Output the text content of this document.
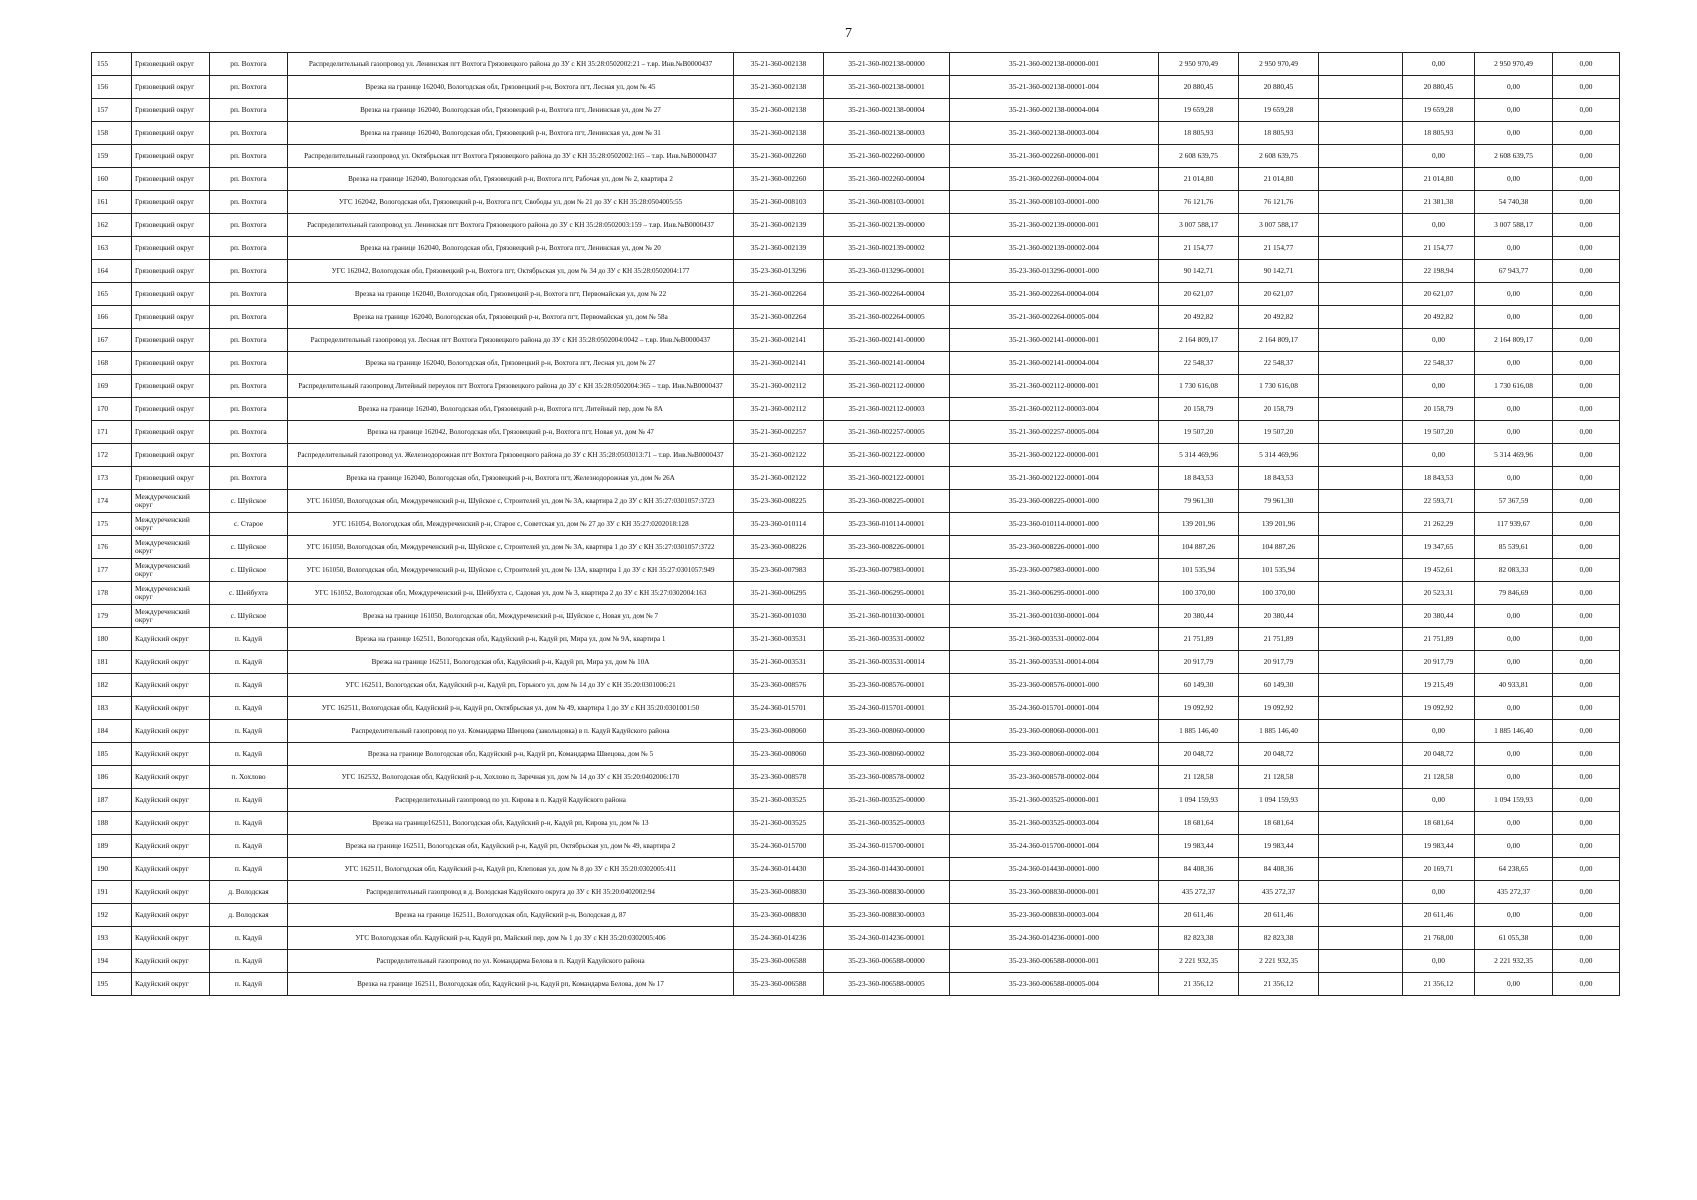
7
155	Грязовецкий округ	рп. Вохтога	Распределительный газопровод ул. Ленинская пгт Вохтога Грязовецкого района до ЗУ с КН 35:28:0502002:21 – т.вр. Инв.№В0000437	35-21-360-002138	35-21-360-002138-00000	35-21-360-002138-00000-001	2 950 970,49	2 950 970,49		0,00	2 950 970,49	0,00
156	Грязовецкий округ	рп. Вохтога	Врезка на границе 162040, Вологодская обл, Грязовецкий р-н, Вохтога пгт, Лесная ул, дом № 45	35-21-360-002138	35-21-360-002138-00001	35-21-360-002138-00001-004	20 880,45	20 880,45		20 880,45	0,00	0,00
157	Грязовецкий округ	рп. Вохтога	Врезка на границе 162040, Вологодская обл, Грязовецкий р-н, Вохтога пгт, Ленинская ул, дом № 27	35-21-360-002138	35-21-360-002138-00004	35-21-360-002138-00004-004	19 659,28	19 659,28		19 659,28	0,00	0,00
158	Грязовецкий округ	рп. Вохтога	Врезка на границе 162040, Вологодская обл, Грязовецкий р-н, Вохтога пгт, Ленинская ул, дом № 31	35-21-360-002138	35-21-360-002138-00003	35-21-360-002138-00003-004	18 805,93	18 805,93		18 805,93	0,00	0,00
159	Грязовецкий округ	рп. Вохтога	Распределительный газопровод ул. Октябрьская пгт Вохтога Грязовецкого района до ЗУ с КН 35:28:0502002:165 – т.вр. Инв.№В0000437	35-21-360-002260	35-21-360-002260-00000	35-21-360-002260-00000-001	2 608 639,75	2 608 639,75		0,00	2 608 639,75	0,00
160	Грязовецкий округ	рп. Вохтога	Врезка на границе 162040, Вологодская обл, Грязовецкий р-н, Вохтога пгт, Рабочая ул, дом № 2, квартира 2	35-21-360-002260	35-21-360-002260-00004	35-21-360-002260-00004-004	21 014,80	21 014,80		21 014,80	0,00	0,00
161	Грязовецкий округ	рп. Вохтога	УГС 162042, Вологодская обл, Грязовецкий р-н, Вохтога пгт, Свободы ул, дом № 21 до ЗУ с КН 35:28:0504005:55	35-21-360-008103	35-21-360-008103-00001	35-21-360-008103-00001-000	76 121,76	76 121,76		21 381,38	54 740,38	0,00
162	Грязовецкий округ	рп. Вохтога	Распределительный газопровод ул. Ленинская пгт Вохтога Грязовецкого района до ЗУ с КН 35:28:0502003:159 – т.вр. Инв.№В0000437	35-21-360-002139	35-21-360-002139-00000	35-21-360-002139-00000-001	3 007 588,17	3 007 588,17		0,00	3 007 588,17	0,00
163	Грязовецкий округ	рп. Вохтога	Врезка на границе 162040, Вологодская обл, Грязовецкий р-н, Вохтога пгт, Ленинская ул, дом № 20	35-21-360-002139	35-21-360-002139-00002	35-21-360-002139-00002-004	21 154,77	21 154,77		21 154,77	0,00	0,00
164	Грязовецкий округ	рп. Вохтога	УГС 162042, Вологодская обл, Грязовецкий р-н, Вохтога пгт, Октябрьская ул, дом № 34 до ЗУ с КН 35:28:0502004:177	35-23-360-013296	35-23-360-013296-00001	35-23-360-013296-00001-000	90 142,71	90 142,71		22 198,94	67 943,77	0,00
165	Грязовецкий округ	рп. Вохтога	Врезка на границе 162040, Вологодская обл, Грязовецкий р-н, Вохтога пгт, Первомайская ул, дом № 22	35-21-360-002264	35-21-360-002264-00004	35-21-360-002264-00004-004	20 621,07	20 621,07		20 621,07	0,00	0,00
166	Грязовецкий округ	рп. Вохтога	Врезка на границе 162040, Вологодская обл, Грязовецкий р-н, Вохтога пгт, Первомайская ул, дом № 58а	35-21-360-002264	35-21-360-002264-00005	35-21-360-002264-00005-004	20 492,82	20 492,82		20 492,82	0,00	0,00
167	Грязовецкий округ	рп. Вохтога	Распределительный газопровод ул. Лесная пгт Вохтога Грязовецкого района до ЗУ с КН 35:28:0502004:0042 – т.вр. Инв.№В0000437	35-21-360-002141	35-21-360-002141-00000	35-21-360-002141-00000-001	2 164 809,17	2 164 809,17		0,00	2 164 809,17	0,00
168	Грязовецкий округ	рп. Вохтога	Врезка на границе 162040, Вологодская обл, Грязовецкий р-н, Вохтога пгт, Лесная ул, дом № 27	35-21-360-002141	35-21-360-002141-00004	35-21-360-002141-00004-004	22 548,37	22 548,37		22 548,37	0,00	0,00
169	Грязовецкий округ	рп. Вохтога	Распределительный газопровод Литейный переулок пгт Вохтога Грязовецкого района до ЗУ с КН 35:28:0502004:365 – т.вр. Инв.№В0000437	35-21-360-002112	35-21-360-002112-00000	35-21-360-002112-00000-001	1 730 616,08	1 730 616,08		0,00	1 730 616,08	0,00
170	Грязовецкий округ	рп. Вохтога	Врезка на границе 162040, Вологодская обл, Грязовецкий р-н, Вохтога пгт, Литейный пер, дом № 8А	35-21-360-002112	35-21-360-002112-00003	35-21-360-002112-00003-004	20 158,79	20 158,79		20 158,79	0,00	0,00
171	Грязовецкий округ	рп. Вохтога	Врезка на границе 162042, Вологодская обл, Грязовецкий р-н, Вохтога пгт, Новая ул, дом № 47	35-21-360-002257	35-21-360-002257-00005	35-21-360-002257-00005-004	19 507,20	19 507,20		19 507,20	0,00	0,00
172	Грязовецкий округ	рп. Вохтога	Распределительный газопровод ул. Железнодорожная пгт Вохтога Грязовецкого района до ЗУ с КН 35:28:0503013:71 – т.вр. Инв.№В0000437	35-21-360-002122	35-21-360-002122-00000	35-21-360-002122-00000-001	5 314 469,96	5 314 469,96		0,00	5 314 469,96	0,00
173	Грязовецкий округ	рп. Вохтога	Врезка на границе 162040, Вологодская обл, Грязовецкий р-н, Вохтога пгт, Железнодорожная ул, дом № 26А	35-21-360-002122	35-21-360-002122-00001	35-21-360-002122-00001-004	18 843,53	18 843,53		18 843,53	0,00	0,00
174	Междуреченский округ	с. Шуйское	УГС 161050, Вологодская обл, Междуреченский р-н, Шуйское с, Строителей ул, дом № 3А, квартира 2 до ЗУ с КН 35:27:0301057:3723	35-23-360-008225	35-23-360-008225-00001	35-23-360-008225-00001-000	79 961,30	79 961,30		22 593,71	57 367,59	0,00
175	Междуреченский округ	с. Старое	УГС 161054, Вологодская обл, Междуреченский р-н, Старое с, Советская ул, дом № 27 до ЗУ с КН 35:27:0202018:128	35-23-360-010114	35-23-360-010114-00001	35-23-360-010114-00001-000	139 201,96	139 201,96		21 262,29	117 939,67	0,00
176	Междуреченский округ	с. Шуйское	УГС 161050, Вологодская обл, Междуреченский р-н, Шуйское с, Строителей ул, дом № 3А, квартира 1 до ЗУ с КН 35:27:0301057:3722	35-23-360-008226	35-23-360-008226-00001	35-23-360-008226-00001-000	104 887,26	104 887,26		19 347,65	85 539,61	0,00
177	Междуреченский округ	с. Шуйское	УГС 161050, Вологодская обл, Междуреченский р-н, Шуйское с, Строителей ул, дом № 13А, квартира 1 до ЗУ с КН 35:27:0301057:949	35-23-360-007983	35-23-360-007983-00001	35-23-360-007983-00001-000	101 535,94	101 535,94		19 452,61	82 083,33	0,00
178	Междуреченский округ	с. Шейбухта	УГС 161052, Вологодская обл, Междуреченский р-н, Шейбухта с, Садовая ул, дом № 3, квартира 2 до ЗУ с КН 35:27:0302004:163	35-21-360-006295	35-21-360-006295-00001	35-21-360-006295-00001-000	100 370,00	100 370,00		20 523,31	79 846,69	0,00
179	Междуреченский округ	с. Шуйское	Врезка на границе 161050, Вологодская обл, Междуреченский р-н, Шуйское с, Новая ул, дом № 7	35-21-360-001030	35-21-360-001030-00001	35-21-360-001030-00001-004	20 380,44	20 380,44		20 380,44	0,00	0,00
180	Кадуйский округ	п. Кадуй	Врезка на границе 162511, Вологодская обл, Кадуйский р-н, Кадуй рп, Мира ул, дом № 9А, квартира 1	35-21-360-003531	35-21-360-003531-00002	35-21-360-003531-00002-004	21 751,89	21 751,89		21 751,89	0,00	0,00
181	Кадуйский округ	п. Кадуй	Врезка на границе 162511, Вологодская обл, Кадуйский р-н, Кадуй рп, Мира ул, дом № 10А	35-21-360-003531	35-21-360-003531-00014	35-21-360-003531-00014-004	20 917,79	20 917,79		20 917,79	0,00	0,00
182	Кадуйский округ	п. Кадуй	УГС 162511, Вологодская обл, Кадуйский р-н, Кадуй рп, Горького ул, дом № 14 до ЗУ с КН 35:20:0301006:21	35-23-360-008576	35-23-360-008576-00001	35-23-360-008576-00001-000	60 149,30	60 149,30		19 215,49	40 933,81	0,00
183	Кадуйский округ	п. Кадуй	УГС 162511, Вологодская обл, Кадуйский р-н, Кадуй рп, Октябрьская ул, дом № 49, квартира 1 до ЗУ с КН 35:20:0301001:50	35-24-360-015701	35-24-360-015701-00001	35-24-360-015701-00001-004	19 092,92	19 092,92		19 092,92	0,00	0,00
184	Кадуйский округ	п. Кадуй	Распределительный газопровод по ул. Командарма Швецова (закольцовка) в п. Кадуй Кадуйского района	35-23-360-008060	35-23-360-008060-00000	35-23-360-008060-00000-001	1 885 146,40	1 885 146,40		0,00	1 885 146,40	0,00
185	Кадуйский округ	п. Кадуй	Врезка на границе Вологодская обл, Кадуйский р-н, Кадуй рп, Командарма Швецова, дом № 5	35-23-360-008060	35-23-360-008060-00002	35-23-360-008060-00002-004	20 048,72	20 048,72		20 048,72	0,00	0,00
186	Кадуйский округ	п. Хохлово	УГС 162532, Вологодская обл, Кадуйский р-н, Хохлово п, Заречная ул, дом № 14 до ЗУ с КН 35:20:0402006:170	35-23-360-008578	35-23-360-008578-00002	35-23-360-008578-00002-004	21 128,58	21 128,58		21 128,58	0,00	0,00
187	Кадуйский округ	п. Кадуй	Распределительный газопровод по ул. Кирова в п. Кадуй Кадуйского района	35-21-360-003525	35-21-360-003525-00000	35-21-360-003525-00000-001	1 094 159,93	1 094 159,93		0,00	1 094 159,93	0,00
188	Кадуйский округ	п. Кадуй	Врезка на границе162511, Вологодская обл, Кадуйский р-н, Кадуй рп, Кирова ул, дом № 13	35-21-360-003525	35-21-360-003525-00003	35-21-360-003525-00003-004	18 681,64	18 681,64		18 681,64	0,00	0,00
189	Кадуйский округ	п. Кадуй	Врезка на границе 162511, Вологодская обл, Кадуйский р-н, Кадуй рп, Октябрьская ул, дом № 49, квартира 2	35-24-360-015700	35-24-360-015700-00001	35-24-360-015700-00001-004	19 983,44	19 983,44		19 983,44	0,00	0,00
190	Кадуйский округ	п. Кадуй	УГС 162511, Вологодская обл, Кадуйский р-н, Кадуй рп, Клеповая ул, дом № 8 до ЗУ с КН 35:20:0302005:411	35-24-360-014430	35-24-360-014430-00001	35-24-360-014430-00001-000	84 408,36	84 408,36		20 169,71	64 238,65	0,00
191	Кадуйский округ	д. Володская	Распределительный газопровод в д. Володская Кадуйского округа до ЗУ с КН 35:20:0402002:94	35-23-360-008830	35-23-360-008830-00000	35-23-360-008830-00000-001	435 272,37	435 272,37		0,00	435 272,37	0,00
192	Кадуйский округ	д. Володская	Врезка на границе 162511, Вологодская обл, Кадуйский р-н, Володская д, 87	35-23-360-008830	35-23-360-008830-00003	35-23-360-008830-00003-004	20 611,46	20 611,46		20 611,46	0,00	0,00
193	Кадуйский округ	п. Кадуй	УГС Вологодская обл. Кадуйский р-н, Кадуй рп, Майский пер, дом № 1 до ЗУ с КН 35:20:0302005:406	35-24-360-014236	35-24-360-014236-00001	35-24-360-014236-00001-000	82 823,38	82 823,38		21 768,00	61 055,38	0,00
194	Кадуйский округ	п. Кадуй	Распределительный газопровод по ул. Командарма Белова в п. Кадуй Кадуйского района	35-23-360-006588	35-23-360-006588-00000	35-23-360-006588-00000-001	2 221 932,35	2 221 932,35		0,00	2 221 932,35	0,00
195	Кадуйский округ	п. Кадуй	Врезка на границе 162511, Вологодская обл, Кадуйский р-н, Кадуй рп, Командарма Белова, дом № 17	35-23-360-006588	35-23-360-006588-00005	35-23-360-006588-00005-004	21 356,12	21 356,12		21 356,12	0,00	0,00
